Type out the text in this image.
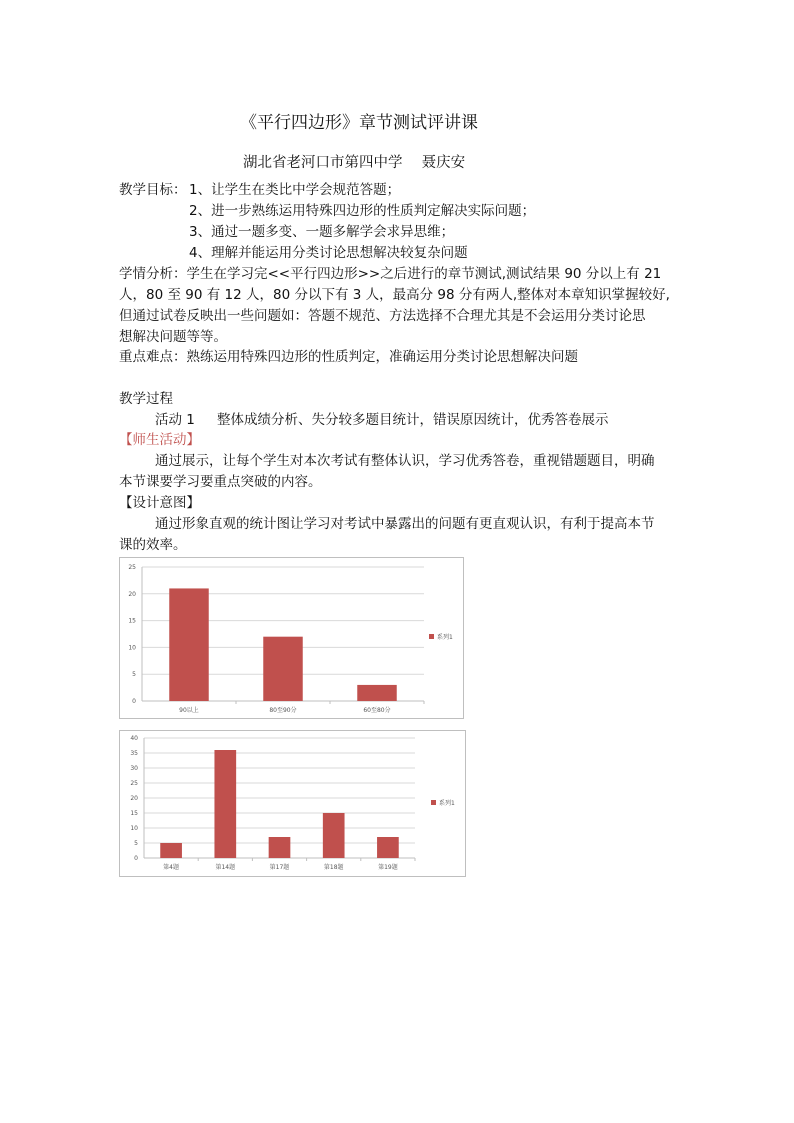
《平行四边形》章节测试评讲课
湖北省老河口市第四中学　 聂庆安
教学目标： 1、让学生在类比中学会规范答题；
2、进一步熟练运用特殊四边形的性质判定解决实际问题；
3、通过一题多变、一题多解学会求异思维；
4、理解并能运用分类讨论思想解决较复杂问题
学情分析：学生在学习完<<平行四边形>>之后进行的章节测试,测试结果 90 分以上有 21
人，80 至 90 有 12 人，80 分以下有 3 人，最高分 98 分有两人,整体对本章知识掌握较好,
但通过试卷反映出一些问题如：答题不规范、方法选择不合理尤其是不会运用分类讨论思
想解决问题等等。
重点难点：熟练运用特殊四边形的性质判定，准确运用分类讨论思想解决问题
教学过程
活动 1 　 整体成绩分析、失分较多题目统计，错误原因统计，优秀答卷展示
【师生活动】
通过展示，让每个学生对本次考试有整体认识，学习优秀答卷，重视错题题目，明确
本节课要学习要重点突破的内容。
【设计意图】
通过形象直观的统计图让学习对考试中暴露出的问题有更直观认识，有利于提高本节
课的效率。
0
5
10
15
20
25
90以上	80至90分	60至80分
系列1
0
5
10
15
20
25
30
35
40
第4题	第14题	第17题	第18题	第19题
系列1
